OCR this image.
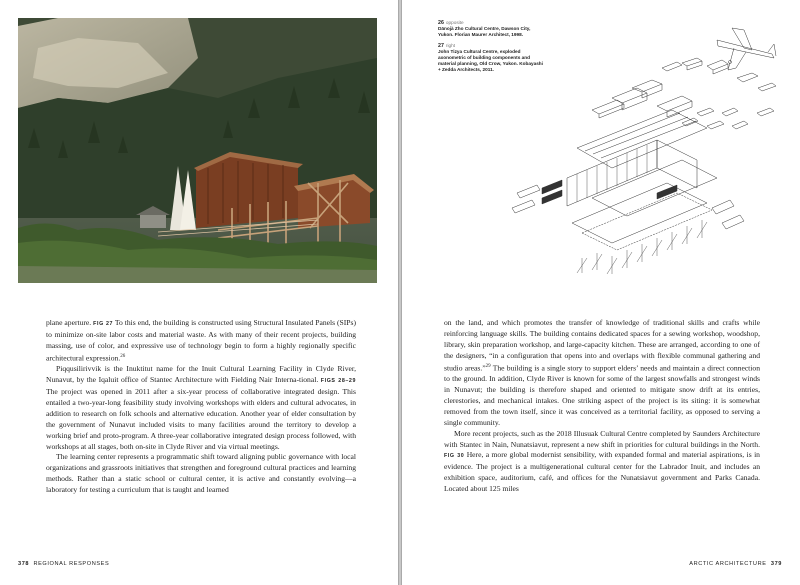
plane aperture. FIG 27 To this end, the building is constructed using Structural Insulated Panels (SIPs) to minimize on-site labor costs and material waste. As with many of their recent projects, building massing, use of color, and expressive use of technology begin to form a highly regionally specific architectural expression.$^{26}$

Piqqusilirivvik is the Inuktitut name for the Inuit Cultural Learning Facility in Clyde River, Nunavut, by the Iqaluit office of Stantec Architecture with Fielding Nair Interna-tional. FIGS 28–29 The project was opened in 2011 after a six-year process of collaborative integrated design. This entailed a two-year-long feasibility study involving workshops with elders and cultural advocates, in addition to research on folk schools and alternative education. Another year of elder consultation by the government of Nunavut included visits to many facilities around the territory to develop a working brief and proto-program. A three-year collaborative integrated design process followed, with workshops at all stages, both on-site in Clyde River and via virtual meetings.

The learning center represents a programmatic shift toward aligning public governance with local organizations and grassroots initiatives that strengthen and foreground cultural practices and learning methods. Rather than a static school or cultural center, it is active and constantly evolving—a laboratory for testing a curriculum that is taught and learned

378 REGIONAL RESPONSES
26 opposite
Dänojà Zho Cultural Centre, Dawson City, Yukon. Florian Maurer Architect, 1998.
27 right
John Tizya Cultural Centre, exploded axonometric of building components and material planning, Old Crow, Yukon. Kobayashi + Zedda Architects, 2011.

on the land, and which promotes the transfer of knowledge of traditional skills and crafts while reinforcing language skills. The building contains dedicated spaces for a sewing workshop, woodshop, library, skin preparation workshop, and large-capacity kitchen. These are arranged, according to one of the designers, “in a configuration that opens into and overlaps with flexible communal gathering and studio areas.”$^{29}$ The building is a single story to support elders’ needs and maintain a direct connection to the ground. In addition, Clyde River is known for some of the largest snowfalls and strongest winds in Nunavut; the building is therefore shaped and oriented to mitigate snow drift at its entries, clerestories, and mechanical intakes. One striking aspect of the project is its siting: it is somewhat removed from the town itself, since it was conceived as a territorial facility, as opposed to serving a single community.

More recent projects, such as the 2018 Illusuak Cultural Centre completed by Saunders Architecture with Stantec in Nain, Nunatsiavut, represent a new shift in priorities for cultural buildings in the North. FIG 30 Here, a more global modernist sensibility, with expanded formal and material aspirations, is in evidence. The project is a multigenerational cultural center for the Labrador Inuit, and includes an exhibition space, auditorium, café, and offices for the Nunatsiavut government and Parks Canada. Located about 125 miles

ARCTIC ARCHITECTURE 379
